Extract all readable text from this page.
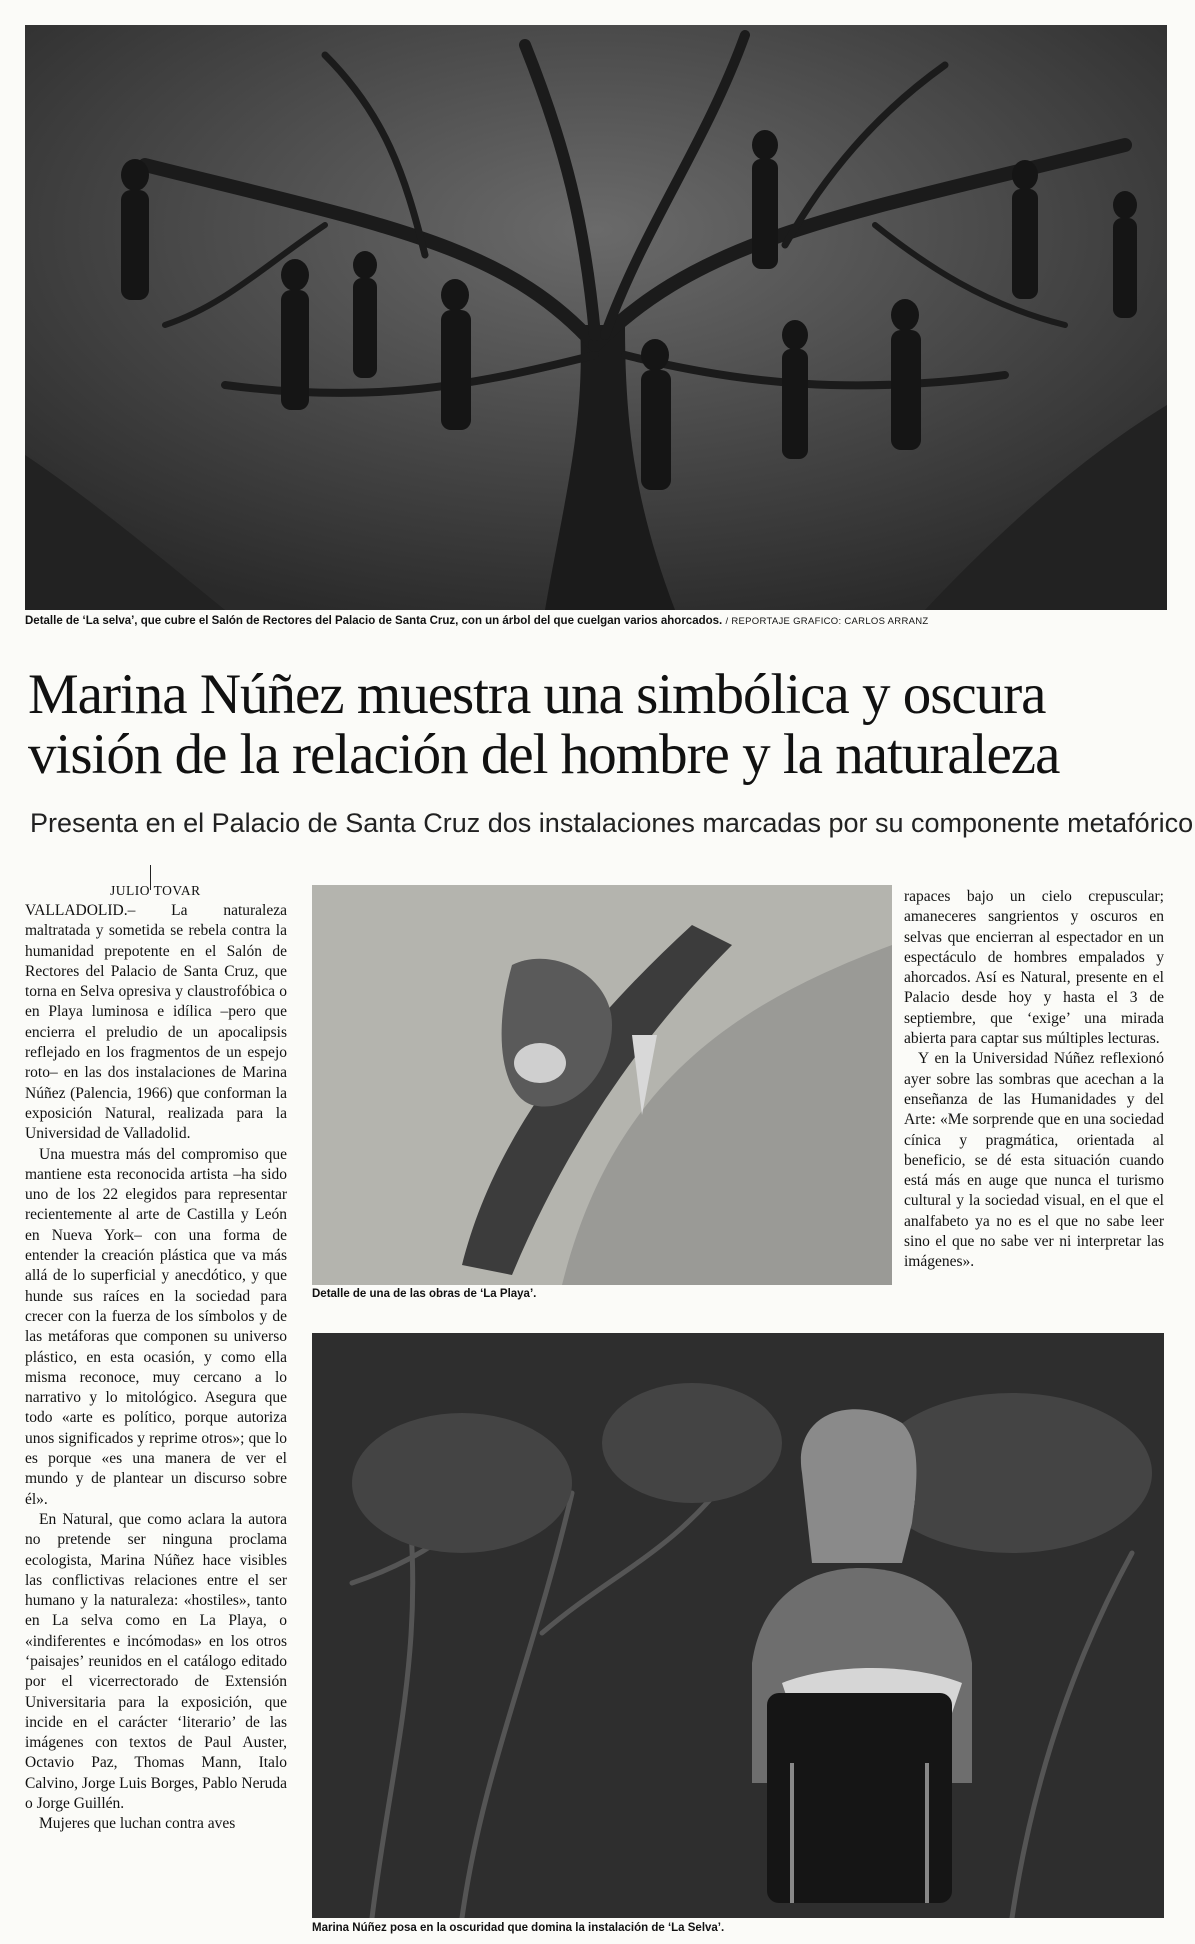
Detalle de ‘La selva’, que cubre el Salón de Rectores del Palacio de Santa Cruz, con un árbol del que cuelgan varios ahorcados. / REPORTAJE GRAFICO: CARLOS ARRANZ
Marina Núñez muestra una simbólica y oscura
visión de la relación del hombre y la naturaleza
Presenta en el Palacio de Santa Cruz dos instalaciones marcadas por su componente metafórico
JULIO TOVAR

VALLADOLID.– La naturaleza maltratada y sometida se rebela contra la humanidad prepotente en el Salón de Rectores del Palacio de Santa Cruz, que torna en Selva opresiva y claustrofóbica o en Playa luminosa e idílica –pero que encierra el preludio de un apocalipsis reflejado en los fragmentos de un espejo roto– en las dos instalaciones de Marina Núñez (Palencia, 1966) que conforman la exposición Natural, realizada para la Universidad de Valladolid.

Una muestra más del compromiso que mantiene esta reconocida artista –ha sido uno de los 22 elegidos para representar recientemente al arte de Castilla y León en Nueva York– con una forma de entender la creación plástica que va más allá de lo superficial y anecdótico, y que hunde sus raíces en la sociedad para crecer con la fuerza de los símbolos y de las metáforas que componen su universo plástico, en esta ocasión, y como ella misma reconoce, muy cercano a lo narrativo y lo mitológico. Asegura que todo «arte es político, porque autoriza unos significados y reprime otros»; que lo es porque «es una manera de ver el mundo y de plantear un discurso sobre él».

En Natural, que como aclara la autora no pretende ser ninguna proclama ecologista, Marina Núñez hace visibles las conflictivas relaciones entre el ser humano y la naturaleza: «hostiles», tanto en La selva como en La Playa, o «indiferentes e incómodas» en los otros ‘paisajes’ reunidos en el catálogo editado por el vicerrectorado de Extensión Universitaria para la exposición, que incide en el carácter ‘literario’ de las imágenes con textos de Paul Auster, Octavio Paz, Thomas Mann, Italo Calvino, Jorge Luis Borges, Pablo Neruda o Jorge Guillén.

Mujeres que luchan contra aves

Detalle de una de las obras de ‘La Playa’.

rapaces bajo un cielo crepuscular; amaneceres sangrientos y oscuros en selvas que encierran al espectador en un espectáculo de hombres empalados y ahorcados. Así es Natural, presente en el Palacio desde hoy y hasta el 3 de septiembre, que ‘exige’ una mirada abierta para captar sus múltiples lecturas.

Y en la Universidad Núñez reflexionó ayer sobre las sombras que acechan a la enseñanza de las Humanidades y del Arte: «Me sorprende que en una sociedad cínica y pragmática, orientada al beneficio, se dé esta situación cuando está más en auge que nunca el turismo cultural y la sociedad visual, en el que el analfabeto ya no es el que no sabe leer sino el que no sabe ver ni interpretar las imágenes».

Marina Núñez posa en la oscuridad que domina la instalación de ‘La Selva’.
